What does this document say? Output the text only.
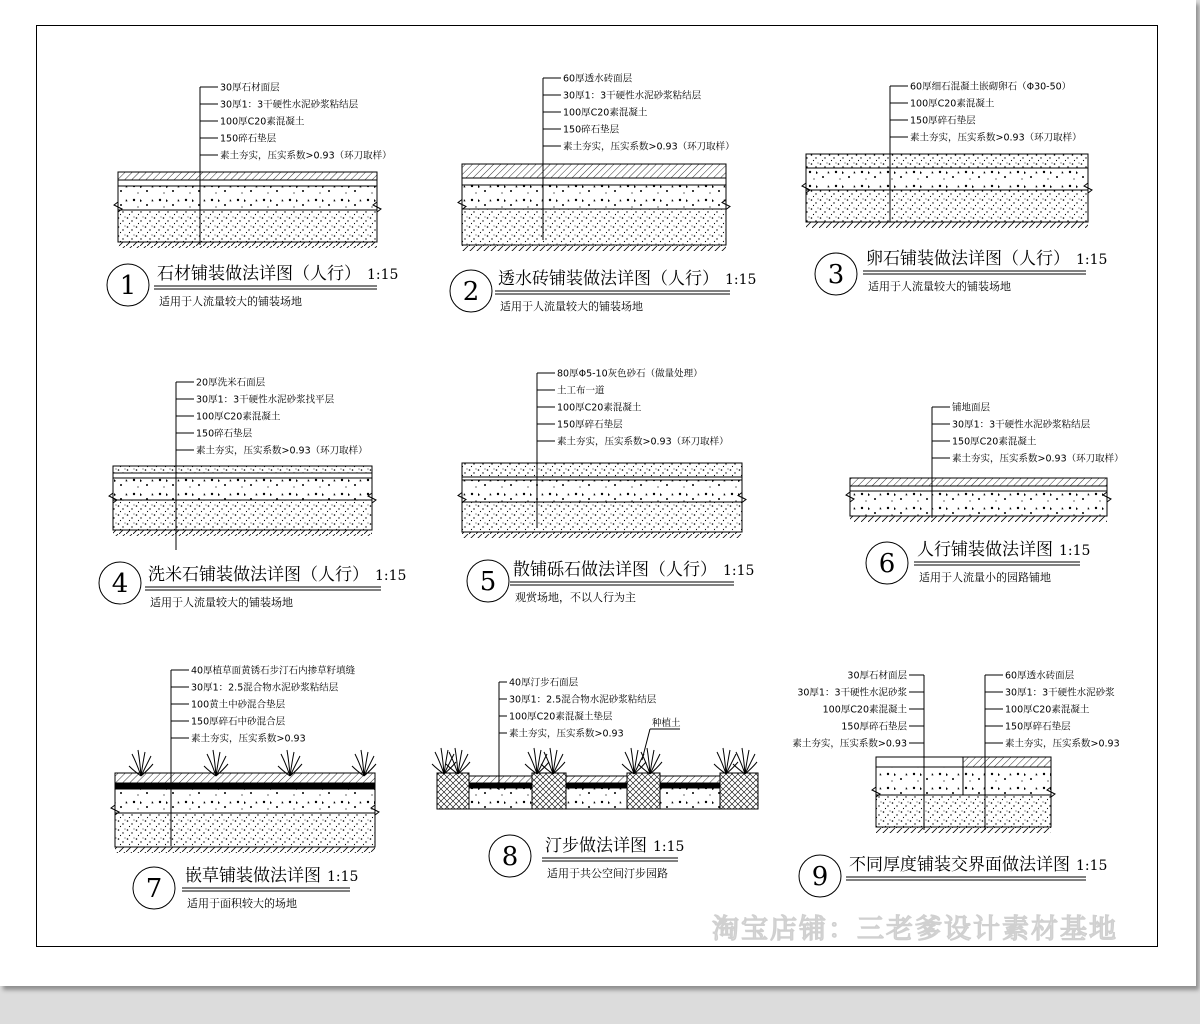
30厚石材面层
30厚1：3干硬性水泥砂浆粘结层
100厚C20素混凝土
150碎石垫层
素土夯实，压实系数>0.93（环刀取样）
1 石材铺装做法详图（人行） 1:15
适用于人流量较大的铺装场地
60厚透水砖面层
30厚1：3干硬性水泥砂浆粘结层
100厚C20素混凝土
150碎石垫层
素土夯实，压实系数>0.93（环刀取样）
2 透水砖铺装做法详图（人行） 1:15
适用于人流量较大的铺装场地
60厚细石混凝土嵌砌卵石（Φ30-50）
100厚C20素混凝土
150厚碎石垫层
素土夯实，压实系数>0.93（环刀取样）
3
卵石铺装做法详图（人行） 1:15
适用于人流量较大的铺装场地
20厚洗米石面层
30厚1：3干硬性水泥砂浆找平层
100厚C20素混凝土
150碎石垫层
素土夯实，压实系数>0.93（环刀取样）
4 洗米石铺装做法详图（人行） 1:15
适用于人流量较大的铺装场地
80厚Φ5-10灰色砂石（做量处理）
土工布一道
100厚C20素混凝土
150厚碎石垫层
素土夯实，压实系数>0.93（环刀取样）
5 散铺砾石做法详图（人行） 1:15
观赏场地，不以人行为主
铺地面层
30厚1：3干硬性水泥砂浆粘结层
150厚C20素混凝土
素土夯实，压实系数>0.93（环刀取样）
6 人行铺装做法详图 1:15
适用于人流量小的园路铺地
40厚植草面黄锈石步汀石内掺草籽填缝
30厚1：2.5混合物水泥砂浆粘结层
100黄土中砂混合垫层
150厚碎石中砂混合层
素土夯实，压实系数>0.93
7 嵌草铺装做法详图 1:15
适用于面积较大的场地
40厚汀步石面层
30厚1：2.5混合物水泥砂浆粘结层
100厚C20素混凝土垫层
素土夯实，压实系数>0.93
种植土
8 汀步做法详图 1:15
适用于共公空间汀步园路
30厚石材面层
30厚1：3干硬性水泥砂浆
100厚C20素混凝土
150厚碎石垫层
素土夯实，压实系数>0.93
60厚透水砖面层
30厚1：3干硬性水泥砂浆
100厚C20素混凝土
150厚碎石垫层
素土夯实，压实系数>0.93
9 不同厚度铺装交界面做法详图 1:15
淘宝店铺：三老爹设计素材基地
